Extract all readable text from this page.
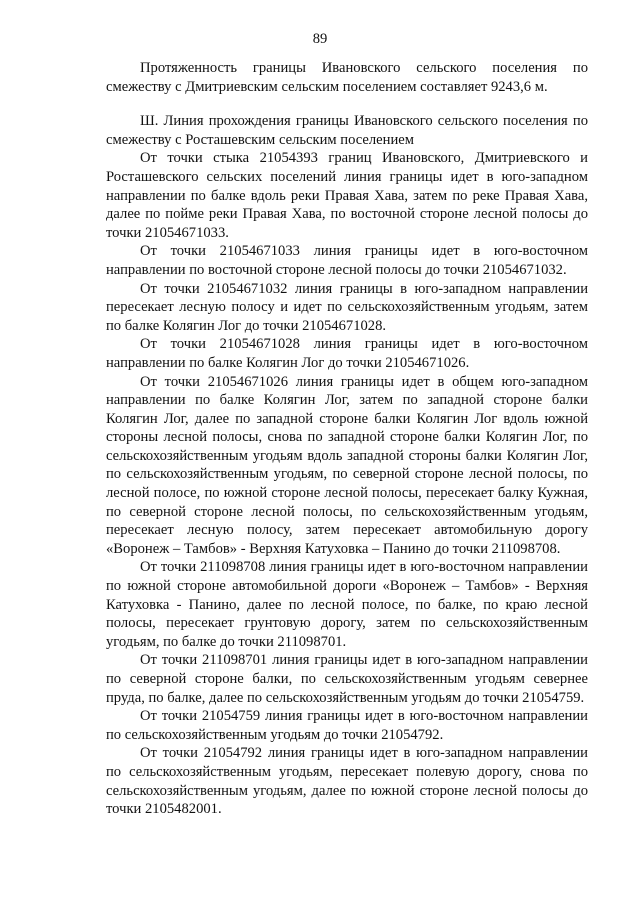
89

Протяженность границы Ивановского сельского поселения по смежеству с Дмитриевским сельским поселением составляет 9243,6 м.

Ш. Линия прохождения границы Ивановского сельского поселения по смежеству с Росташевским сельским поселением

От точки стыка 21054393 границ Ивановского, Дмитриевского и Росташевского сельских поселений линия границы идет в юго-западном направлении по балке вдоль реки Правая Хава, затем по реке Правая Хава, далее по пойме реки Правая Хава, по восточной стороне лесной полосы до точки 21054671033.

От точки 21054671033 линия границы идет в юго-восточном направлении по восточной стороне лесной полосы до точки 21054671032.

От точки 21054671032 линия границы в юго-западном направлении пересекает лесную полосу и идет по сельскохозяйственным угодьям, затем по балке Колягин Лог до точки 21054671028.

От точки 21054671028 линия границы идет в юго-восточном направлении по балке Колягин Лог до точки 21054671026.

От точки 21054671026 линия границы идет в общем юго-западном направлении по балке Колягин Лог, затем по западной стороне балки Колягин Лог, далее по западной стороне балки Колягин Лог вдоль южной стороны лесной полосы, снова по западной стороне балки Колягин Лог, по сельскохозяйственным угодьям вдоль западной стороны балки Колягин Лог, по сельскохозяйственным угодьям, по северной стороне лесной полосы, по лесной полосе, по южной стороне лесной полосы, пересекает балку Кужная, по северной стороне лесной полосы, по сельскохозяйственным угодьям, пересекает лесную полосу, затем пересекает автомобильную дорогу «Воронеж – Тамбов» - Верхняя Катуховка – Панино до точки 211098708.

От точки 211098708 линия границы идет в юго-восточном направлении по южной стороне автомобильной дороги «Воронеж – Тамбов» - Верхняя Катуховка - Панино, далее по лесной полосе, по балке, по краю лесной полосы, пересекает грунтовую дорогу, затем по сельскохозяйственным угодьям, по балке до точки 211098701.

От точки 211098701 линия границы идет в юго-западном направлении по северной стороне балки, по сельскохозяйственным угодьям севернее пруда, по балке, далее по сельскохозяйственным угодьям до точки 21054759.

От точки 21054759 линия границы идет в юго-восточном направлении по сельскохозяйственным угодьям до точки 21054792.

От точки 21054792 линия границы идет в юго-западном направлении по сельскохозяйственным угодьям, пересекает полевую дорогу, снова по сельскохозяйственным угодьям, далее по южной стороне лесной полосы до точки 2105482001.
